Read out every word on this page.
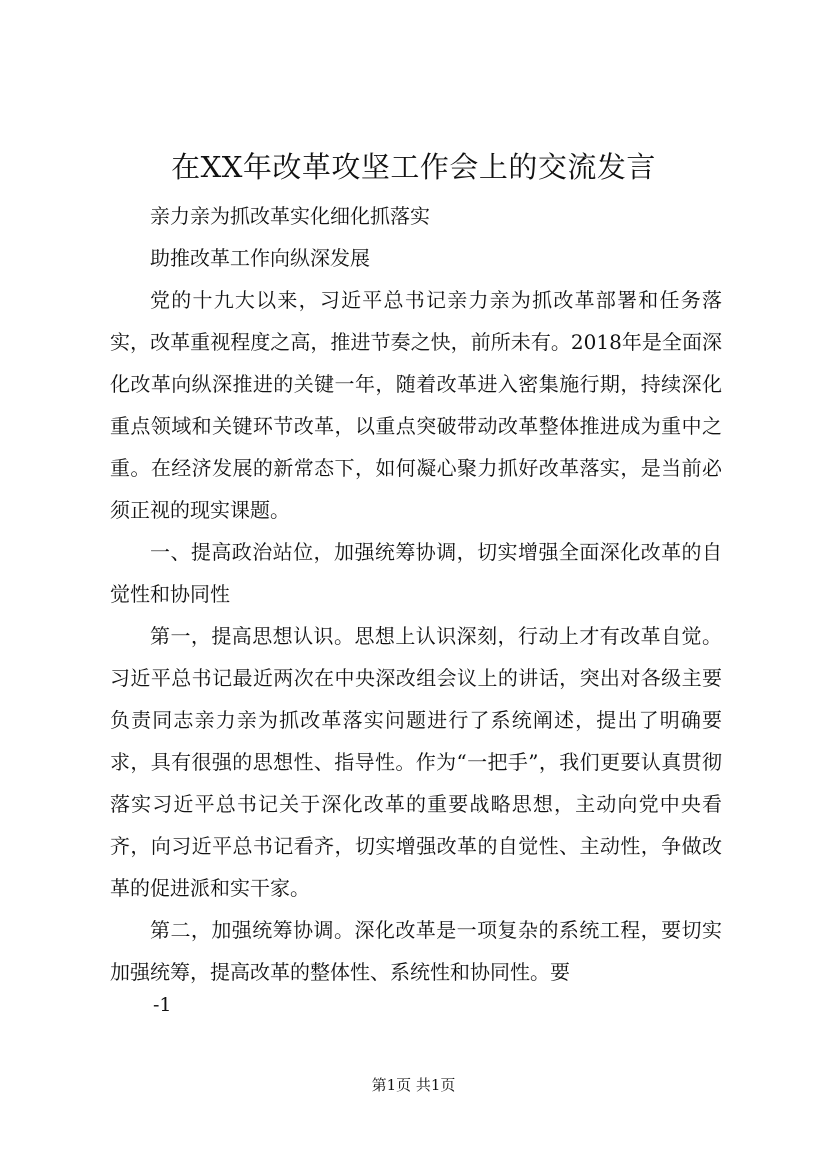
在XX年改革攻坚工作会上的交流发言

亲力亲为抓改革实化细化抓落实

助推改革工作向纵深发展

党的十九大以来，习近平总书记亲力亲为抓改革部署和任务落实，改革重视程度之高，推进节奏之快，前所未有。2018年是全面深化改革向纵深推进的关键一年，随着改革进入密集施行期，持续深化重点领域和关键环节改革，以重点突破带动改革整体推进成为重中之重。在经济发展的新常态下，如何凝心聚力抓好改革落实，是当前必须正视的现实课题。

一、提高政治站位，加强统筹协调，切实增强全面深化改革的自觉性和协同性

第一，提高思想认识。思想上认识深刻，行动上才有改革自觉。习近平总书记最近两次在中央深改组会议上的讲话，突出对各级主要负责同志亲力亲为抓改革落实问题进行了系统阐述，提出了明确要求，具有很强的思想性、指导性。作为“一把手”，我们更要认真贯彻落实习近平总书记关于深化改革的重要战略思想，主动向党中央看齐，向习近平总书记看齐，切实增强改革的自觉性、主动性，争做改革的促进派和实干家。

第二，加强统筹协调。深化改革是一项复杂的系统工程，要切实加强统筹，提高改革的整体性、系统性和协同性。要

-1
第1页 共1页
